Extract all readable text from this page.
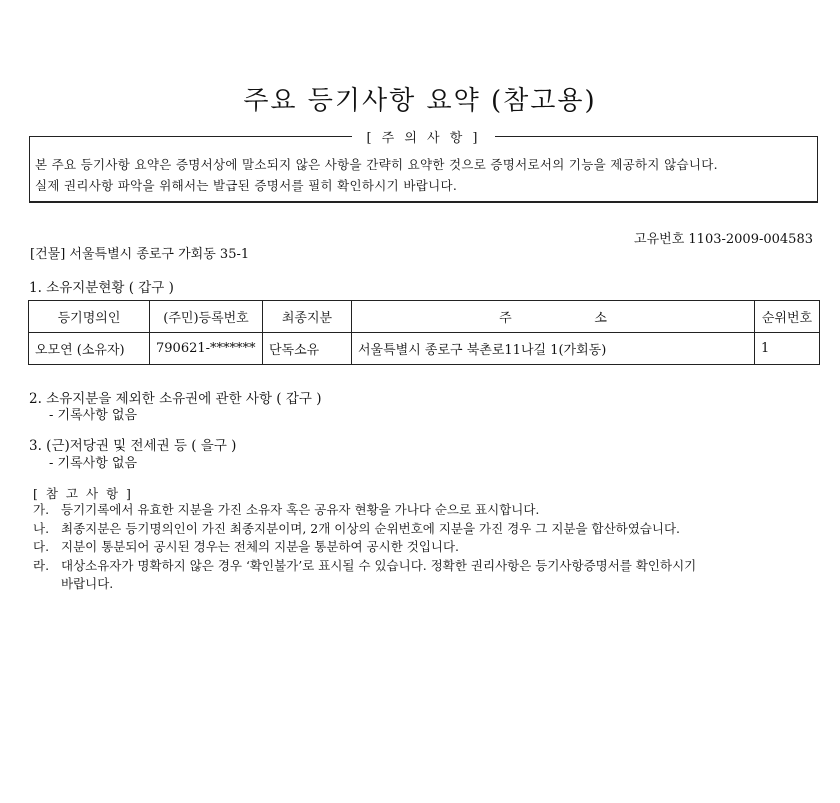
주요 등기사항 요약 (참고용)
[ 주 의 사 항 ]
본 주요 등기사항 요약은 증명서상에 말소되지 않은 사항을 간략히 요약한 것으로 증명서로서의 기능을 제공하지 않습니다.
실제 권리사항 파악을 위해서는 발급된 증명서를 필히 확인하시기 바랍니다.
고유번호 1103-2009-004583
[건물] 서울특별시 종로구 가회동 35-1
1. 소유지분현황 ( 갑구 )
등기명의인	(주민)등록번호	최종지분	주                    소	순위번호
오모연 (소유자)	790621-*******	단독소유	서울특별시 종로구 북촌로11나길 1(가회동)	1
2. 소유지분을 제외한 소유권에 관한 사항 ( 갑구 )
- 기록사항 없음
3. (근)저당권 및 전세권 등 ( 을구 )
- 기록사항 없음
[ 참 고 사 항 ]
가. 등기기록에서 유효한 지분을 가진 소유자 혹은 공유자 현황을 가나다 순으로 표시합니다.
나. 최종지분은 등기명의인이 가진 최종지분이며, 2개 이상의 순위번호에 지분을 가진 경우 그 지분을 합산하였습니다.
다. 지분이 통분되어 공시된 경우는 전체의 지분을 통분하여 공시한 것입니다.
라. 대상소유자가 명확하지 않은 경우 ‘확인불가’로 표시될 수 있습니다. 정확한 권리사항은 등기사항증명서를 확인하시기
바랍니다.
